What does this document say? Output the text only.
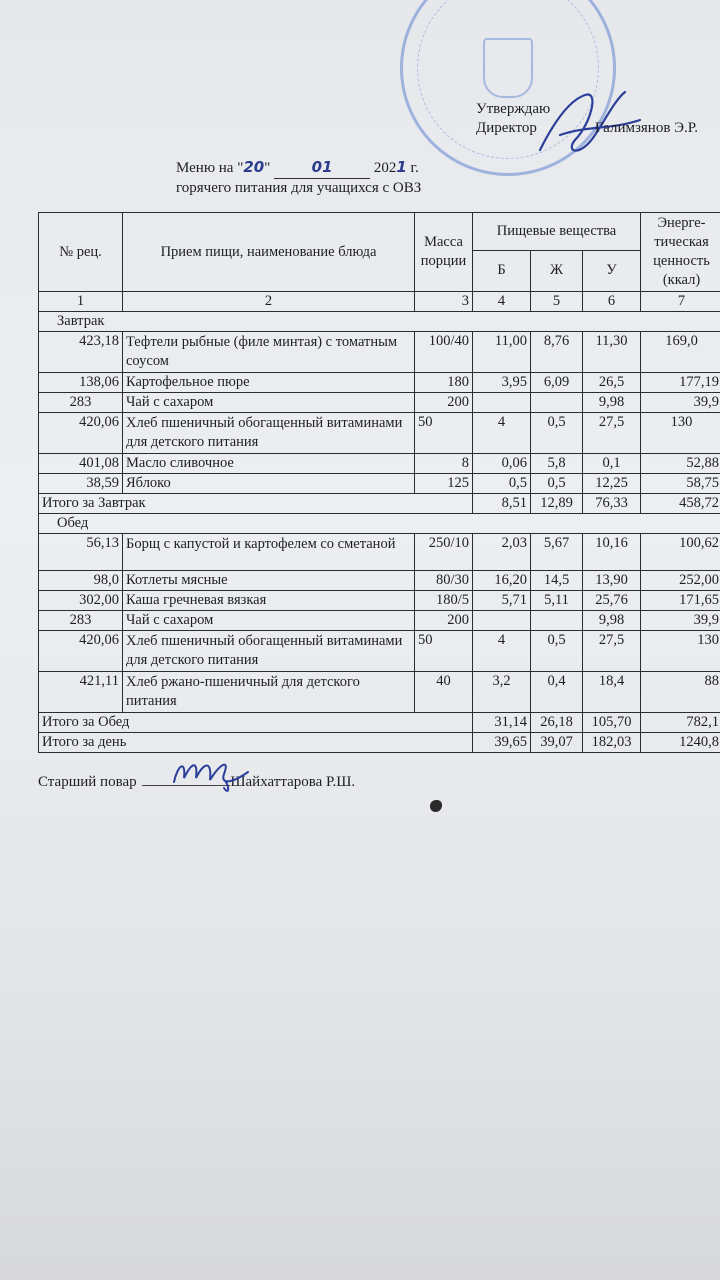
Утверждаю
Директор	Галимзянов Э.Р.
Меню на "20"	01	2021 г.
горячего питания для учащихся с ОВЗ
№ рец.	Прием пищи, наименование блюда	Масса порции	Пищевые вещества			Энерге-тическая ценность (ккал)
			Б	Ж	У	
1	2	3	4	5	6	7
Завтрак						
423,18	Тефтели рыбные (филе минтая) с томатным соусом	100/40	11,00	8,76	11,30	169,0
138,06	Картофельное пюре	180	3,95	6,09	26,5	177,19
283	Чай с сахаром	200			9,98	39,9
420,06	Хлеб пшеничный обогащенный витаминами для детского питания	50	4	0,5	27,5	130
401,08	Масло сливочное	8	0,06	5,8	0,1	52,88
38,59	Яблоко	125	0,5	0,5	12,25	58,75
Итого за Завтрак			8,51	12,89	76,33	458,72
Обед						
56,13	Борщ с капустой и картофелем со сметаной	250/10	2,03	5,67	10,16	100,62
98,0	Котлеты мясные	80/30	16,20	14,5	13,90	252,00
302,00	Каша гречневая вязкая	180/5	5,71	5,11	25,76	171,65
283	Чай с сахаром	200			9,98	39,9
420,06	Хлеб пшеничный обогащенный витаминами для детского питания	50	4	0,5	27,5	130
421,11	Хлеб ржано-пшеничный для детского питания	40	3,2	0,4	18,4	88
Итого за Обед			31,14	26,18	105,70	782,1
Итого за день			39,65	39,07	182,03	1240,8
Старший повар	Шайхаттарова Р.Ш.
